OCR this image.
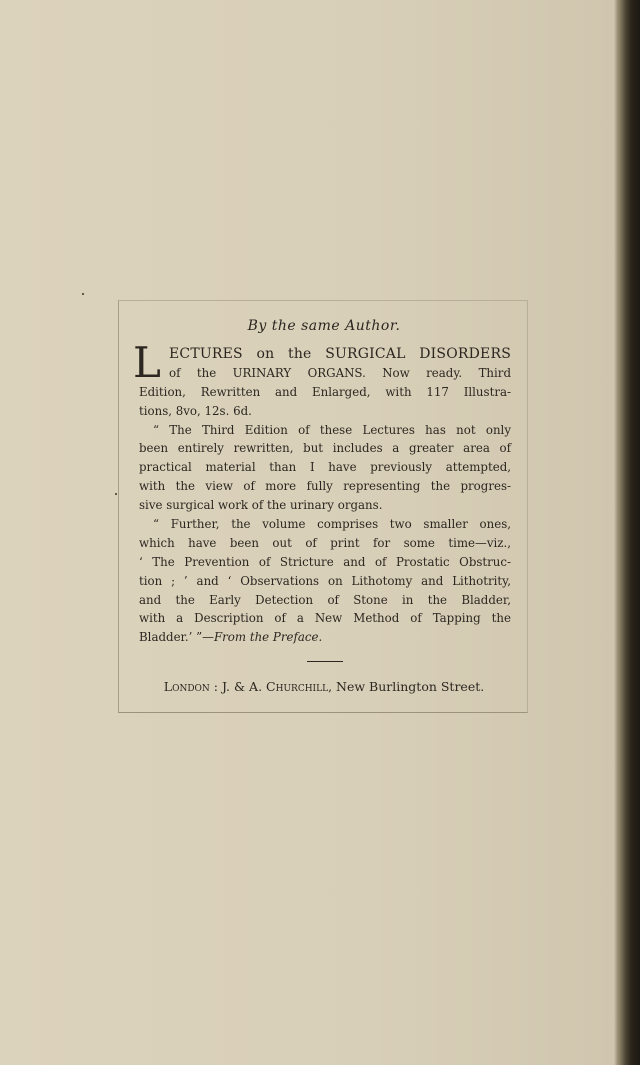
By the same Author.
L ECTURES on the SURGICAL DISORDERS
of the URINARY ORGANS. Now ready. Third
Edition, Rewritten and Enlarged, with 117 Illustra-
tions, 8vo, 12s. 6d.
“ The Third Edition of these Lectures has not only
been entirely rewritten, but includes a greater area of
practical material than I have previously attempted,
with the view of more fully representing the progres-
sive surgical work of the urinary organs.
“ Further, the volume comprises two smaller ones,
which have been out of print for some time—viz.,
‘ The Prevention of Stricture and of Prostatic Obstruc-
tion ; ’ and ‘ Observations on Lithotomy and Lithotrity,
and the Early Detection of Stone in the Bladder,
with a Description of a New Method of Tapping the
Bladder.’ ”—From the Preface.
London : J. & A. Churchill, New Burlington Street.
